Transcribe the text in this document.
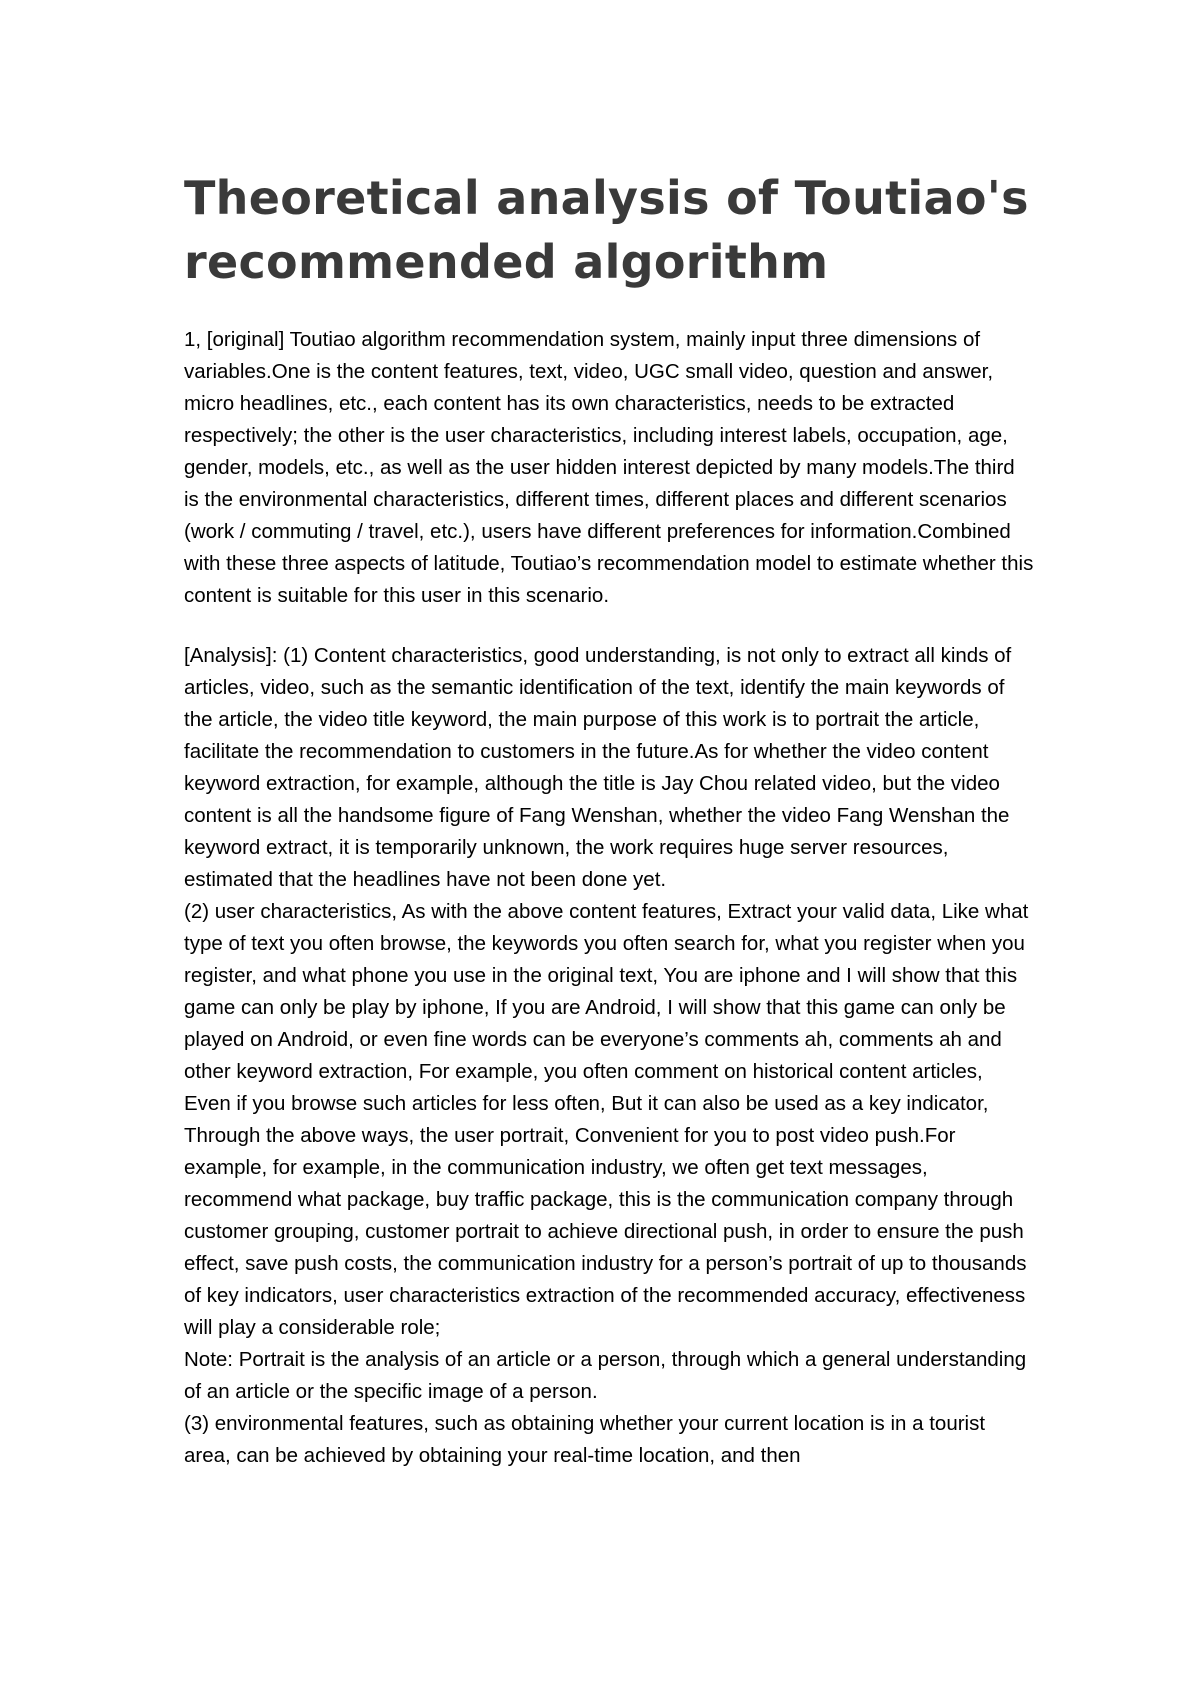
Theoretical analysis of Toutiao's recommended algorithm

1, [original] Toutiao algorithm recommendation system, mainly input three dimensions of variables.One is the content features, text, video, UGC small video, question and answer, micro headlines, etc., each content has its own characteristics, needs to be extracted respectively; the other is the user characteristics, including interest labels, occupation, age, gender, models, etc., as well as the user hidden interest depicted by many models.The third is the environmental characteristics, different times, different places and different scenarios (work / commuting / travel, etc.), users have different preferences for information.Combined with these three aspects of latitude, Toutiao’s recommendation model to estimate whether this content is suitable for this user in this scenario.

[Analysis]: (1) Content characteristics, good understanding, is not only to extract all kinds of articles, video, such as the semantic identification of the text, identify the main keywords of the article, the video title keyword, the main purpose of this work is to portrait the article, facilitate the recommendation to customers in the future.As for whether the video content keyword extraction, for example, although the title is Jay Chou related video, but the video content is all the handsome figure of Fang Wenshan, whether the video Fang Wenshan the keyword extract, it is temporarily unknown, the work requires huge server resources, estimated that the headlines have not been done yet.

(2) user characteristics, As with the above content features, Extract your valid data, Like what type of text you often browse, the keywords you often search for, what you register when you register, and what phone you use in the original text, You are iphone and I will show that this game can only be play by iphone, If you are Android, I will show that this game can only be played on Android, or even fine words can be everyone’s comments ah, comments ah and other keyword extraction, For example, you often comment on historical content articles, Even if you browse such articles for less often, But it can also be used as a key indicator, Through the above ways, the user portrait, Convenient for you to post video push.For example, for example, in the communication industry, we often get text messages, recommend what package, buy traffic package, this is the communication company through customer grouping, customer portrait to achieve directional push, in order to ensure the push effect, save push costs, the communication industry for a person’s portrait of up to thousands of key indicators, user characteristics extraction of the recommended accuracy, effectiveness will play a considerable role;

Note: Portrait is the analysis of an article or a person, through which a general understanding of an article or the specific image of a person.

(3) environmental features, such as obtaining whether your current location is in a tourist area, can be achieved by obtaining your real-time location, and then
